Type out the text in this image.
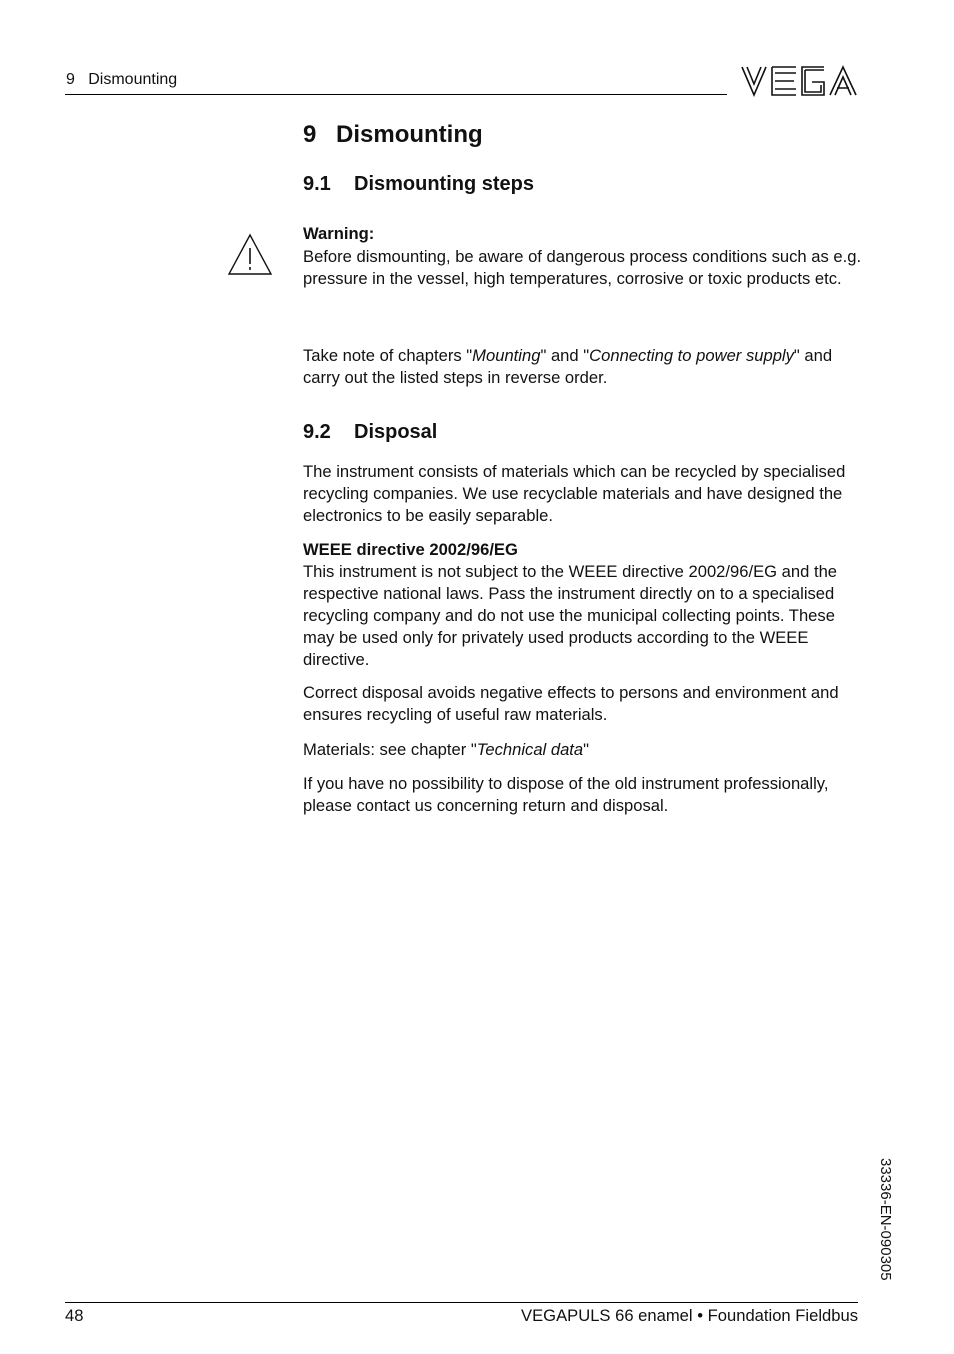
9   Dismounting
9 Dismounting
9.1 Dismounting steps
Warning:
Before dismounting, be aware of dangerous process conditions such as e.g. pressure in the vessel, high temperatures, corrosive or toxic products etc.
Take note of chapters "Mounting" and "Connecting to power supply" and carry out the listed steps in reverse order.
9.2 Disposal
The instrument consists of materials which can be recycled by specialised recycling companies. We use recyclable materials and have designed the electronics to be easily separable.
WEEE directive 2002/96/EG
This instrument is not subject to the WEEE directive 2002/96/EG and the respective national laws. Pass the instrument directly on to a specialised recycling company and do not use the municipal collecting points. These may be used only for privately used products according to the WEEE directive.
Correct disposal avoids negative effects to persons and environment and ensures recycling of useful raw materials.
Materials: see chapter "Technical data"
If you have no possibility to dispose of the old instrument professionally, please contact us concerning return and disposal.
33336-EN-090305
48	VEGAPULS 66 enamel • Foundation Fieldbus
